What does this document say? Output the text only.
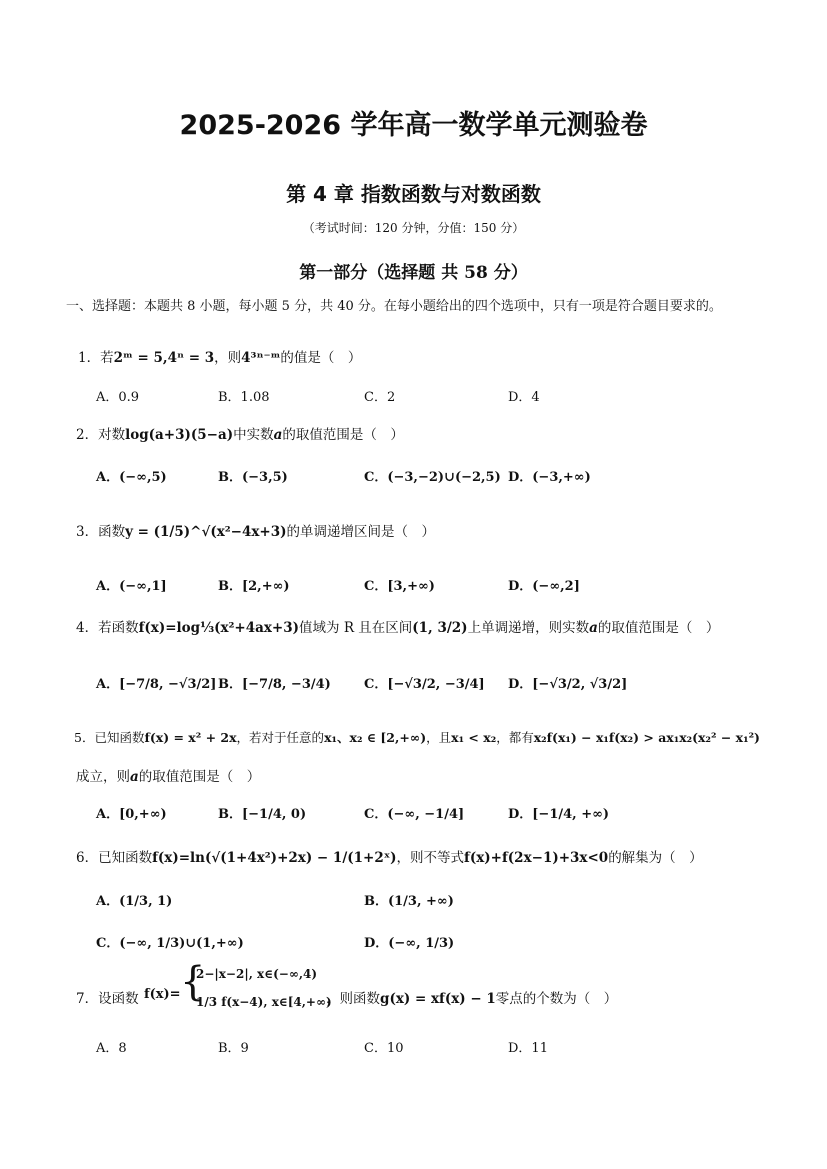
2025-2026 学年高一数学单元测验卷
第 4 章 指数函数与对数函数
（考试时间：120 分钟，分值：150 分）
第一部分（选择题 共 58 分）
一、选择题：本题共 8 小题，每小题 5 分，共 40 分。在每小题给出的四个选项中，只有一项是符合题目要求的。
1．若2ᵐ = 5,4ⁿ = 3，则4³ⁿ⁻ᵐ的值是（　）
A．0.9	B．1.08	C．2	D．4
2．对数log(a+3)(5−a)中实数a的取值范围是（　）
A．(−∞,5)	B．(−3,5)	C．(−3,−2)∪(−2,5) D．(−3,+∞)
3．函数y = (1/5)^√(x²−4x+3)的单调递增区间是（　）
A．(−∞,1]	B．[2,+∞)	C．[3,+∞)	D．(−∞,2]
4．若函数f(x)=log⅓(x²+4ax+3)值域为 R 且在区间(1, 3/2)上单调递增，则实数a的取值范围是（　）
A．[−7/8, −√3/2] B．[−7/8, −3/4)	C．[−√3/2, −3/4] D．[−√3/2, √3/2]
5．已知函数f(x) = x² + 2x，若对于任意的x₁、x₂ ∈ [2,+∞)，且x₁ < x₂，都有x₂f(x₁) − x₁f(x₂) > ax₁x₂(x₂² − x₁²)
成立，则a的取值范围是（　）
A．[0,+∞)	B．[−1/4, 0)	C．(−∞, −1/4]	D．[−1/4, +∞)
6．已知函数f(x)=ln(√(1+4x²)+2x) − 1/(1+2ˣ)，则不等式f(x)+f(2x−1)+3x<0的解集为（　）
A．(1/3, 1)	B．(1/3, +∞)
C．(−∞, 1/3)∪(1,+∞)	D．(−∞, 1/3)
7．设函数 f(x)= {
2−|x−2|, x∈(−∞,4)
1/3 f(x−4), x∈[4,+∞)
，则函数g(x) = xf(x) − 1零点的个数为（　）
A．8	B．9	C．10	D．11
